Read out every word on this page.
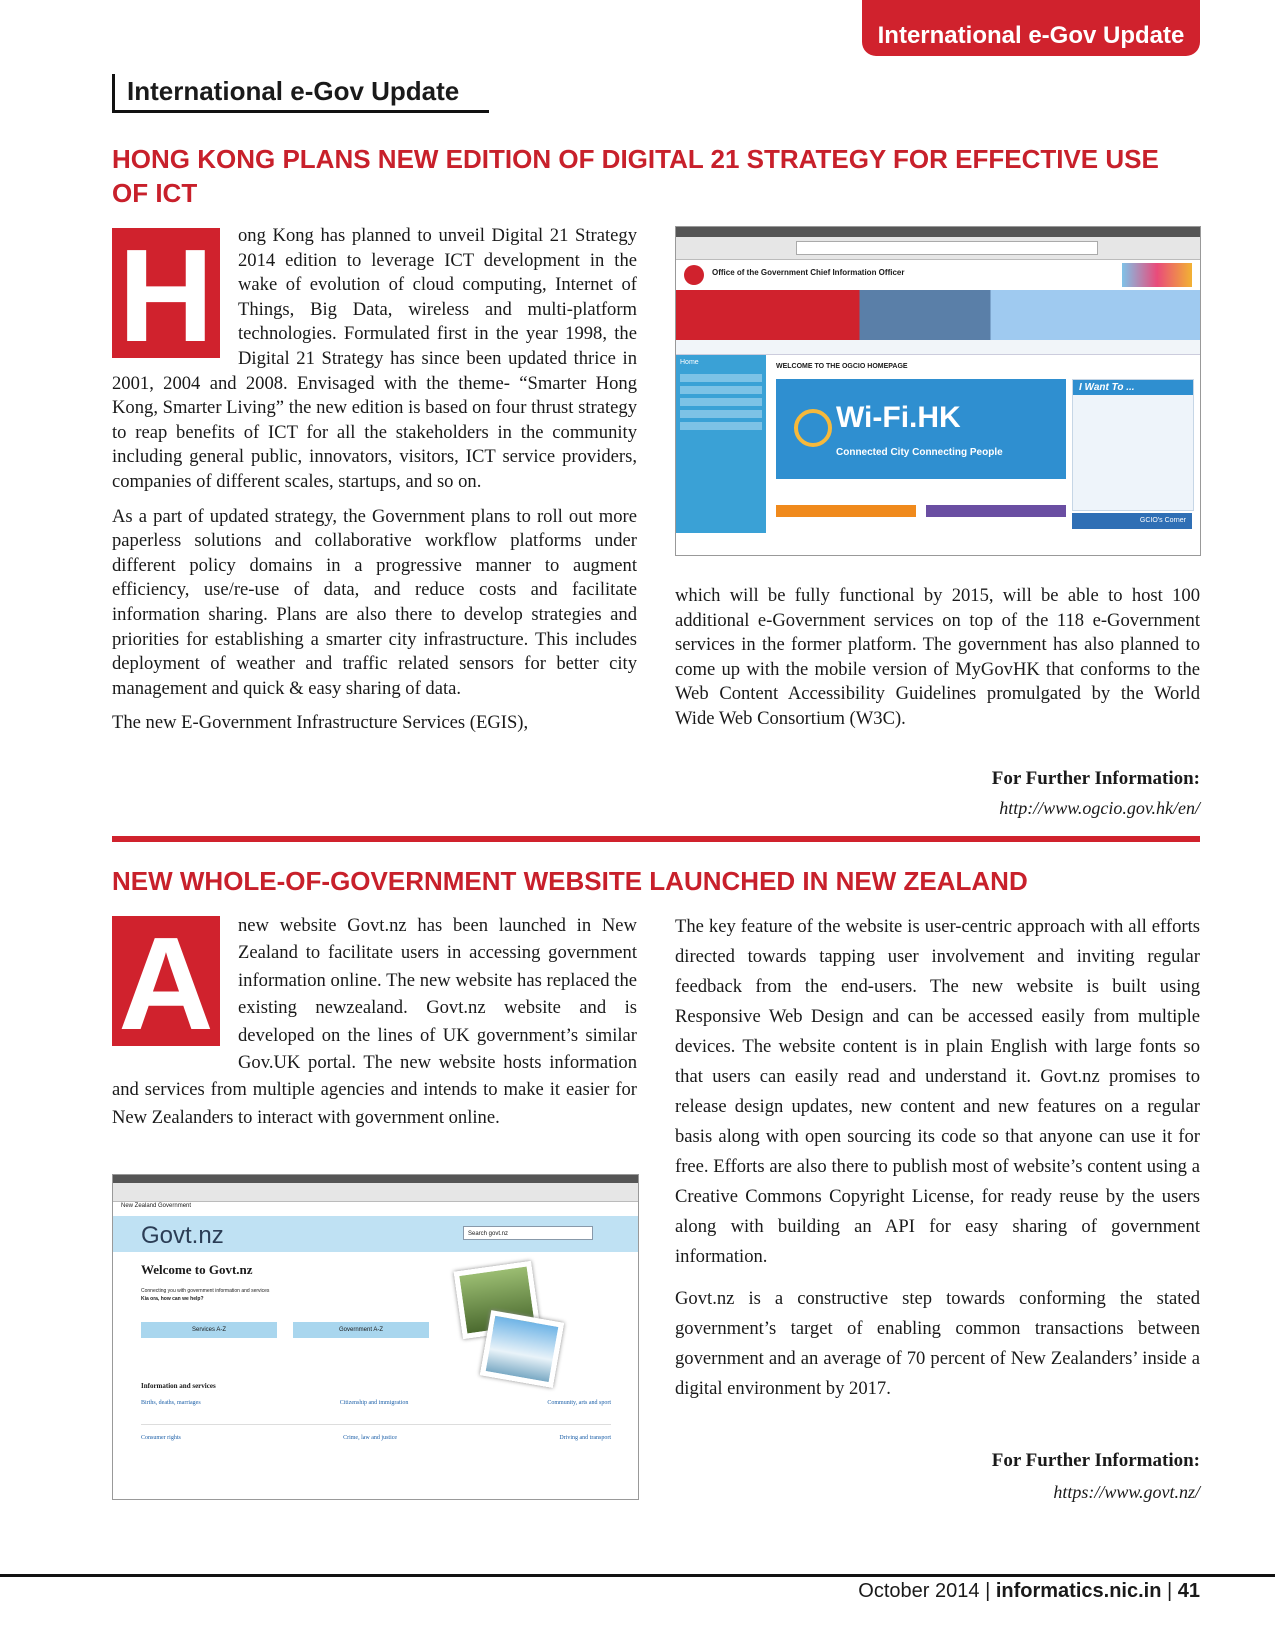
International e-Gov Update
International e-Gov Update
HONG KONG PLANS NEW EDITION OF DIGITAL 21 STRATEGY FOR EFFECTIVE USE OF ICT
H	ong Kong has planned to unveil Digital 21 Strategy 2014 edition to leverage ICT development in the wake of evolution of cloud computing, Internet of Things, Big Data, wireless and multi-platform technologies. Formulated first in the year 1998, the Digital 21 Strategy has since been updated thrice in 2001, 2004 and 2008. Envisaged with the theme- “Smarter Hong Kong, Smarter Living” the new edition is based on four thrust strategy to reap benefits of ICT for all the stakeholders in the community including general public, innovators, visitors, ICT service providers, companies of different scales, startups, and so on.

As a part of updated strategy, the Government plans to roll out more paperless solutions and collaborative workflow platforms under different policy domains in a progressive manner to augment efficiency, use/re-use of data, and reduce costs and facilitate information sharing. Plans are also there to develop strategies and priorities for establishing a smarter city infrastructure. This includes deployment of weather and traffic related sensors for better city management and quick & easy sharing of data.

The new E-Government Infrastructure Services (EGIS),

Office of the Government Chief Information Officer
Home
WELCOME TO THE OGCIO HOMEPAGE
Wi-Fi.HK
Connected City Connecting People
I Want To ...
GCIO's Corner

which will be fully functional by 2015, will be able to host 100 additional e-Government services on top of the 118 e-Government services in the former platform. The government has also planned to come up with the mobile version of MyGovHK that conforms to the Web Content Accessibility Guidelines promulgated by the World Wide Web Consortium (W3C).

For Further Information:

http://www.ogcio.gov.hk/en/

NEW WHOLE-OF-GOVERNMENT WEBSITE LAUNCHED IN NEW ZEALAND
A	new website Govt.nz has been launched in New Zealand to facilitate users in accessing government information online. The new website has replaced the existing newzealand. Govt.nz website and is developed on the lines of UK government’s similar Gov.UK portal. The new website hosts information and services from multiple agencies and intends to make it easier for New Zealanders to interact with government online.

New Zealand Government
Govt.nz	Search govt.nz
Welcome to Govt.nz
Connecting you with government information and services
Kia ora, how can we help?
Services A-Z	Government A-Z
Information and services
Births, deaths, marriages	Citizenship and immigration	Community, arts and sport
Consumer rights	Crime, law and justice	Driving and transport

The key feature of the website is user-centric approach with all efforts directed towards tapping user involvement and inviting regular feedback from the end-users. The new website is built using Responsive Web Design and can be accessed easily from multiple devices. The website content is in plain English with large fonts so that users can easily read and understand it. Govt.nz promises to release design updates, new content and new features on a regular basis along with open sourcing its code so that anyone can use it for free. Efforts are also there to publish most of website’s content using a Creative Commons Copyright License, for ready reuse by the users along with building an API for easy sharing of government information.

Govt.nz is a constructive step towards conforming the stated government’s target of enabling common transactions between government and an average of 70 percent of New Zealanders’ inside a digital environment by 2017.

For Further Information:

https://www.govt.nz/

October 2014 | informatics.nic.in | 41
